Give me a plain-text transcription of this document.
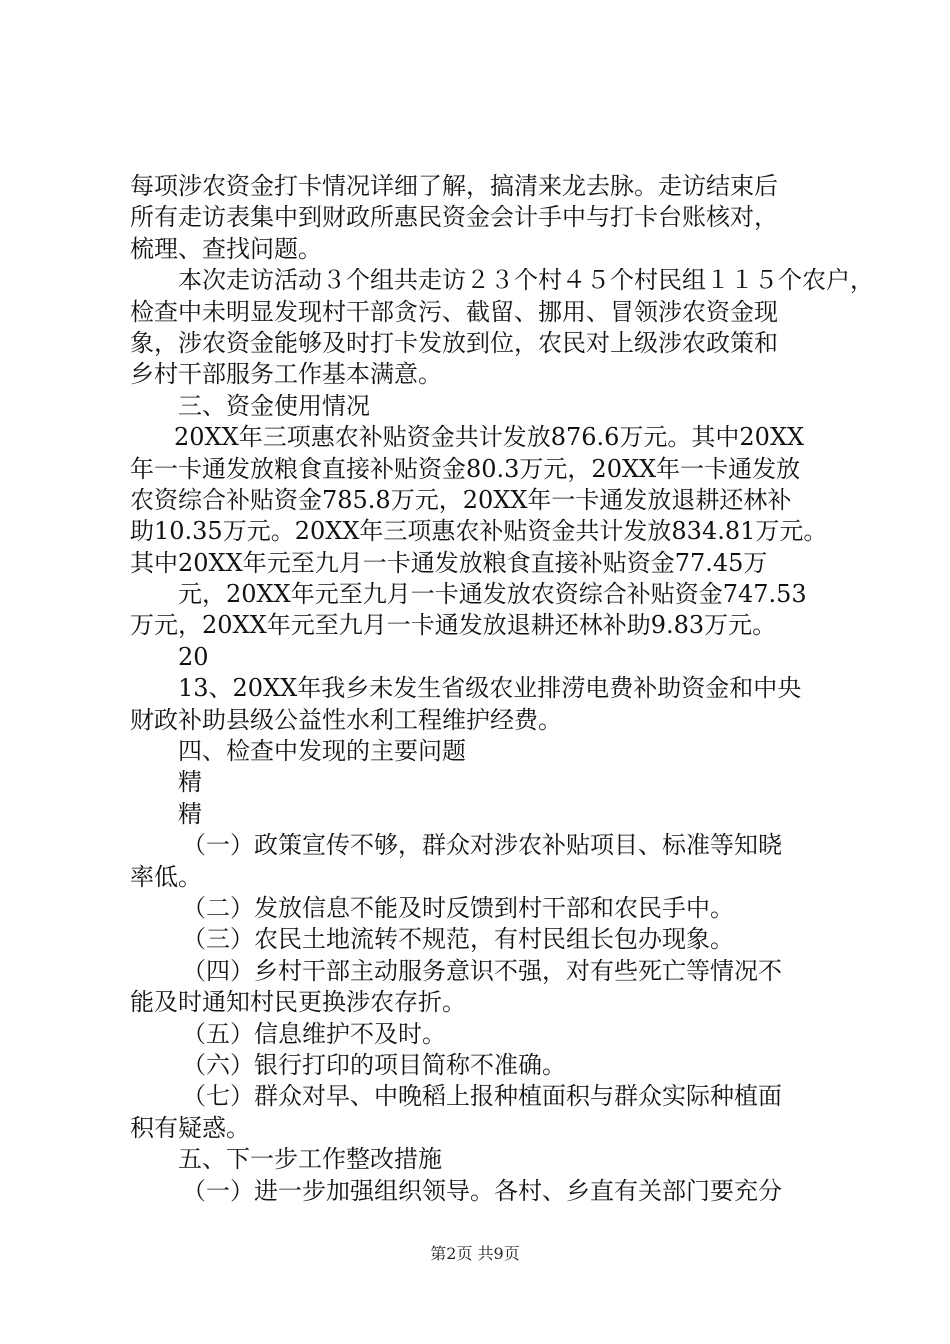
每项涉农资金打卡情况详细了解，搞清来龙去脉。走访结束后
所有走访表集中到财政所惠民资金会计手中与打卡台账核对，
梳理、查找问题。
本次走访活动３个组共走访２３个村４５个村民组１１５个农户，
检查中未明显发现村干部贪污、截留、挪用、冒领涉农资金现
象，涉农资金能够及时打卡发放到位，农民对上级涉农政策和
乡村干部服务工作基本满意。
三、资金使用情况
20XX年三项惠农补贴资金共计发放876.6万元。其中20XX
年一卡通发放粮食直接补贴资金80.3万元，20XX年一卡通发放
农资综合补贴资金785.8万元，20XX年一卡通发放退耕还林补
助10.35万元。20XX年三项惠农补贴资金共计发放834.81万元。
其中20XX年元至九月一卡通发放粮食直接补贴资金77.45万
元，20XX年元至九月一卡通发放农资综合补贴资金747.53
万元，20XX年元至九月一卡通发放退耕还林补助9.83万元。
20
13、20XX年我乡未发生省级农业排涝电费补助资金和中央
财政补助县级公益性水利工程维护经费。
四、检查中发现的主要问题
精
精
（一）政策宣传不够，群众对涉农补贴项目、标准等知晓
率低。
（二）发放信息不能及时反馈到村干部和农民手中。
（三）农民土地流转不规范，有村民组长包办现象。
（四）乡村干部主动服务意识不强，对有些死亡等情况不
能及时通知村民更换涉农存折。
（五）信息维护不及时。
（六）银行打印的项目简称不准确。
（七）群众对早、中晚稻上报种植面积与群众实际种植面
积有疑惑。
五、下一步工作整改措施
（一）进一步加强组织领导。各村、乡直有关部门要充分
第2页 共9页
